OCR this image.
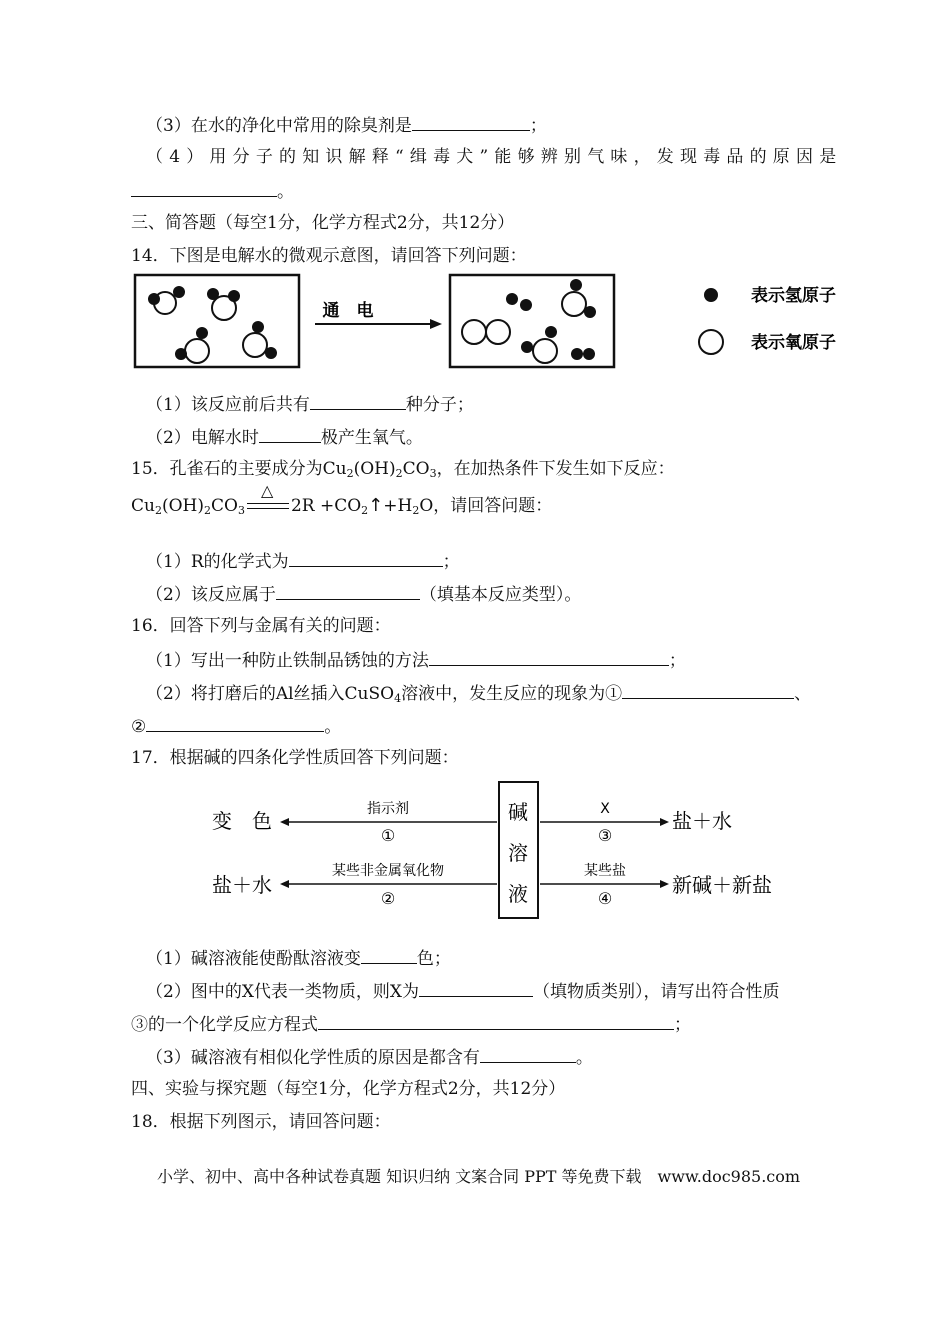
（3）在水的净化中常用的除臭剂是	；
（4）用分子的知识解释“缉毒犬”能够辨别气味，发现毒品的原因是
。
三、简答题（每空1分，化学方程式2分，共12分）
14．下图是电解水的微观示意图，请回答下列问题：
通　电
表示氢原子
表示氧原子
（1）该反应前后共有	种分子；
（2）电解水时	极产生氧气。
15．孔雀石的主要成分为$Cu_2(OH)_2CO_3$，在加热条件下发生如下反应：
$Cu_2(OH)_2CO_3$
△
$2R +CO_2↑+H_2O$，请回答问题：
（1）R的化学式为	；
（2）该反应属于	（填基本反应类型）。
16．回答下列与金属有关的问题：
（1）写出一种防止铁制品锈蚀的方法	；
（2）将打磨后的Al丝插入CuSO$_4$溶液中，发生反应的现象为①	、
②	。
17．根据碱的四条化学性质回答下列问题：
碱
溶
液
变　色	指示剂
①
盐＋水
某些非金属氧化物
②
X
③
盐＋水
某些盐
④
新碱＋新盐
（1）碱溶液能使酚酞溶液变	色；
（2）图中的X代表一类物质，则X为	（填物质类别），请写出符合性质
③的一个化学反应方程式	；
（3）碱溶液有相似化学性质的原因是都含有	。
四、实验与探究题（每空1分，化学方程式2分，共12分）
18．根据下列图示，请回答问题：
小学、初中、高中各种试卷真题 知识归纳 文案合同 PPT 等免费下载　www.doc985.com
